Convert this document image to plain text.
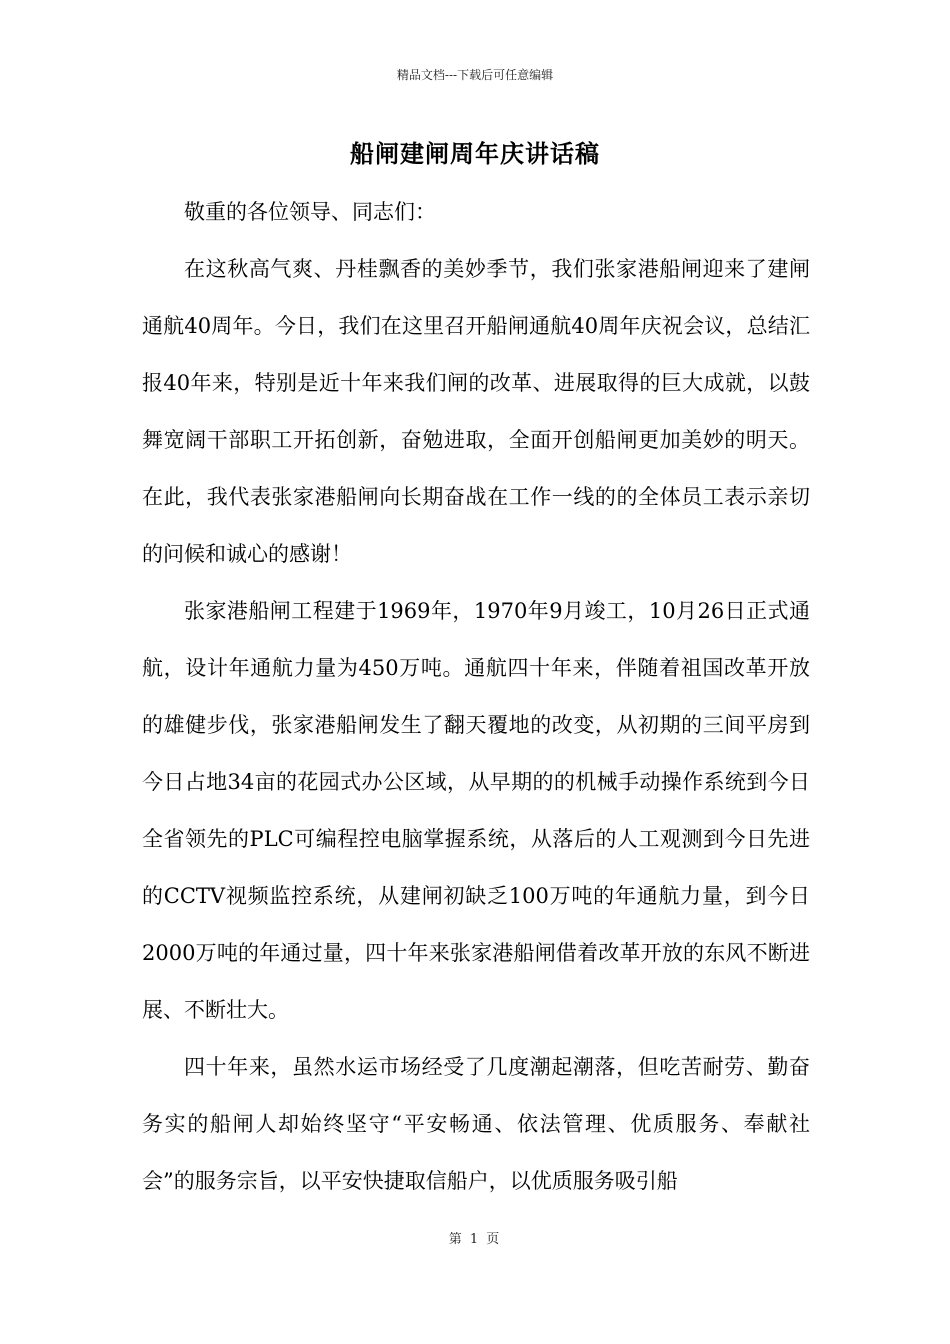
精品文档---下载后可任意编辑
船闸建闸周年庆讲话稿

敬重的各位领导、同志们：

在这秋高气爽、丹桂飘香的美妙季节，我们张家港船闸迎来了建闸通航40周年。今日，我们在这里召开船闸通航40周年庆祝会议，总结汇报40年来，特别是近十年来我们闸的改革、进展取得的巨大成就，以鼓舞宽阔干部职工开拓创新，奋勉进取，全面开创船闸更加美妙的明天。在此，我代表张家港船闸向长期奋战在工作一线的的全体员工表示亲切的问候和诚心的感谢！

张家港船闸工程建于1969年，1970年9月竣工，10月26日正式通航，设计年通航力量为450万吨。通航四十年来，伴随着祖国改革开放的雄健步伐，张家港船闸发生了翻天覆地的改变，从初期的三间平房到今日占地34亩的花园式办公区域，从早期的的机械手动操作系统到今日全省领先的PLC可编程控电脑掌握系统，从落后的人工观测到今日先进的CCTV视频监控系统，从建闸初缺乏100万吨的年通航力量，到今日2000万吨的年通过量，四十年来张家港船闸借着改革开放的东风不断进展、不断壮大。

四十年来，虽然水运市场经受了几度潮起潮落，但吃苦耐劳、勤奋务实的船闸人却始终坚守“平安畅通、依法管理、优质服务、奉献社会”的服务宗旨，以平安快捷取信船户，以优质服务吸引船

第 1 页
